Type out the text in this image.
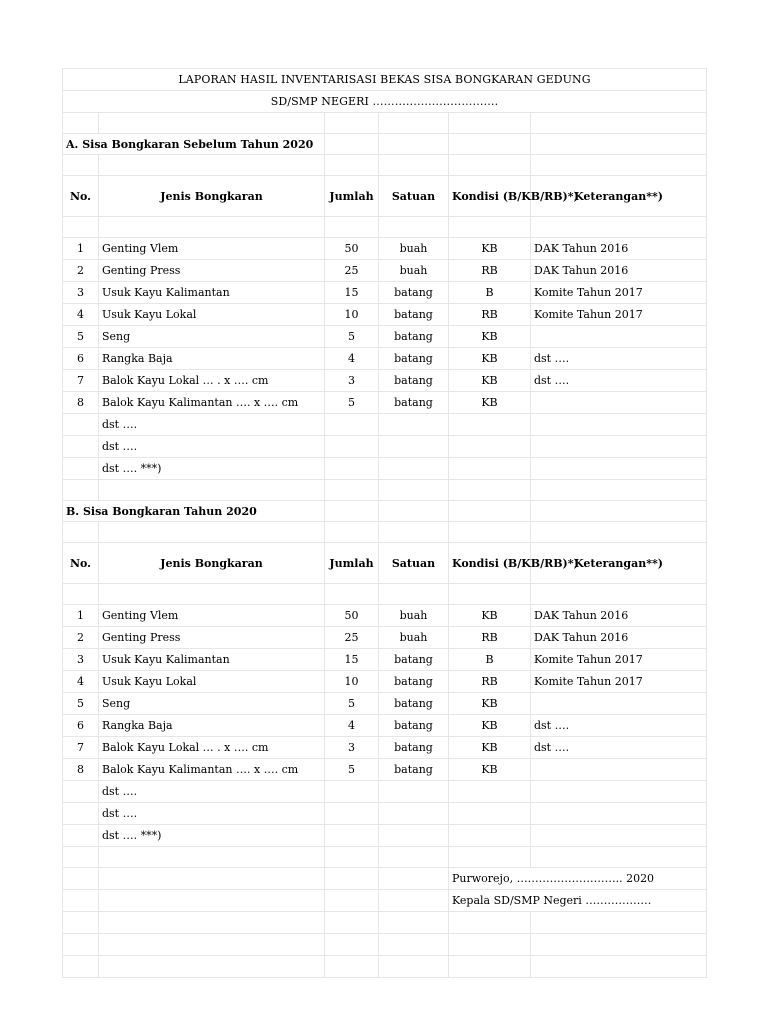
LAPORAN HASIL INVENTARISASI BEKAS SISA BONGKARAN GEDUNG					
SD/SMP NEGERI …………………………….					

A. Sisa Bongkaran Sebelum Tahun 2020					

No.	Jenis Bongkaran	Jumlah	Satuan	Kondisi (B/KB/RB)*)	Keterangan**)

1	Genting Vlem	50	buah	KB	DAK Tahun 2016
2	Genting Press	25	buah	RB	DAK Tahun 2016
3	Usuk Kayu Kalimantan	15	batang	B	Komite Tahun 2017
4	Usuk Kayu Lokal	10	batang	RB	Komite Tahun 2017
5	Seng	5	batang	KB	
6	Rangka Baja	4	batang	KB	dst ….
7	Balok Kayu Lokal … . x …. cm	3	batang	KB	dst ….
8	Balok Kayu Kalimantan …. x …. cm	5	batang	KB	
	dst ….				
	dst ….				
	dst …. ***)				

B. Sisa Bongkaran Tahun 2020					

No.	Jenis Bongkaran	Jumlah	Satuan	Kondisi (B/KB/RB)*)	Keterangan**)

1	Genting Vlem	50	buah	KB	DAK Tahun 2016
2	Genting Press	25	buah	RB	DAK Tahun 2016
3	Usuk Kayu Kalimantan	15	batang	B	Komite Tahun 2017
4	Usuk Kayu Lokal	10	batang	RB	Komite Tahun 2017
5	Seng	5	batang	KB	
6	Rangka Baja	4	batang	KB	dst ….
7	Balok Kayu Lokal … . x …. cm	3	batang	KB	dst ….
8	Balok Kayu Kalimantan …. x …. cm	5	batang	KB	
	dst ….				
	dst ….				
	dst …. ***)				

				Purworejo, ……………………….. 2020	
				Kepala SD/SMP Negeri ………………	
